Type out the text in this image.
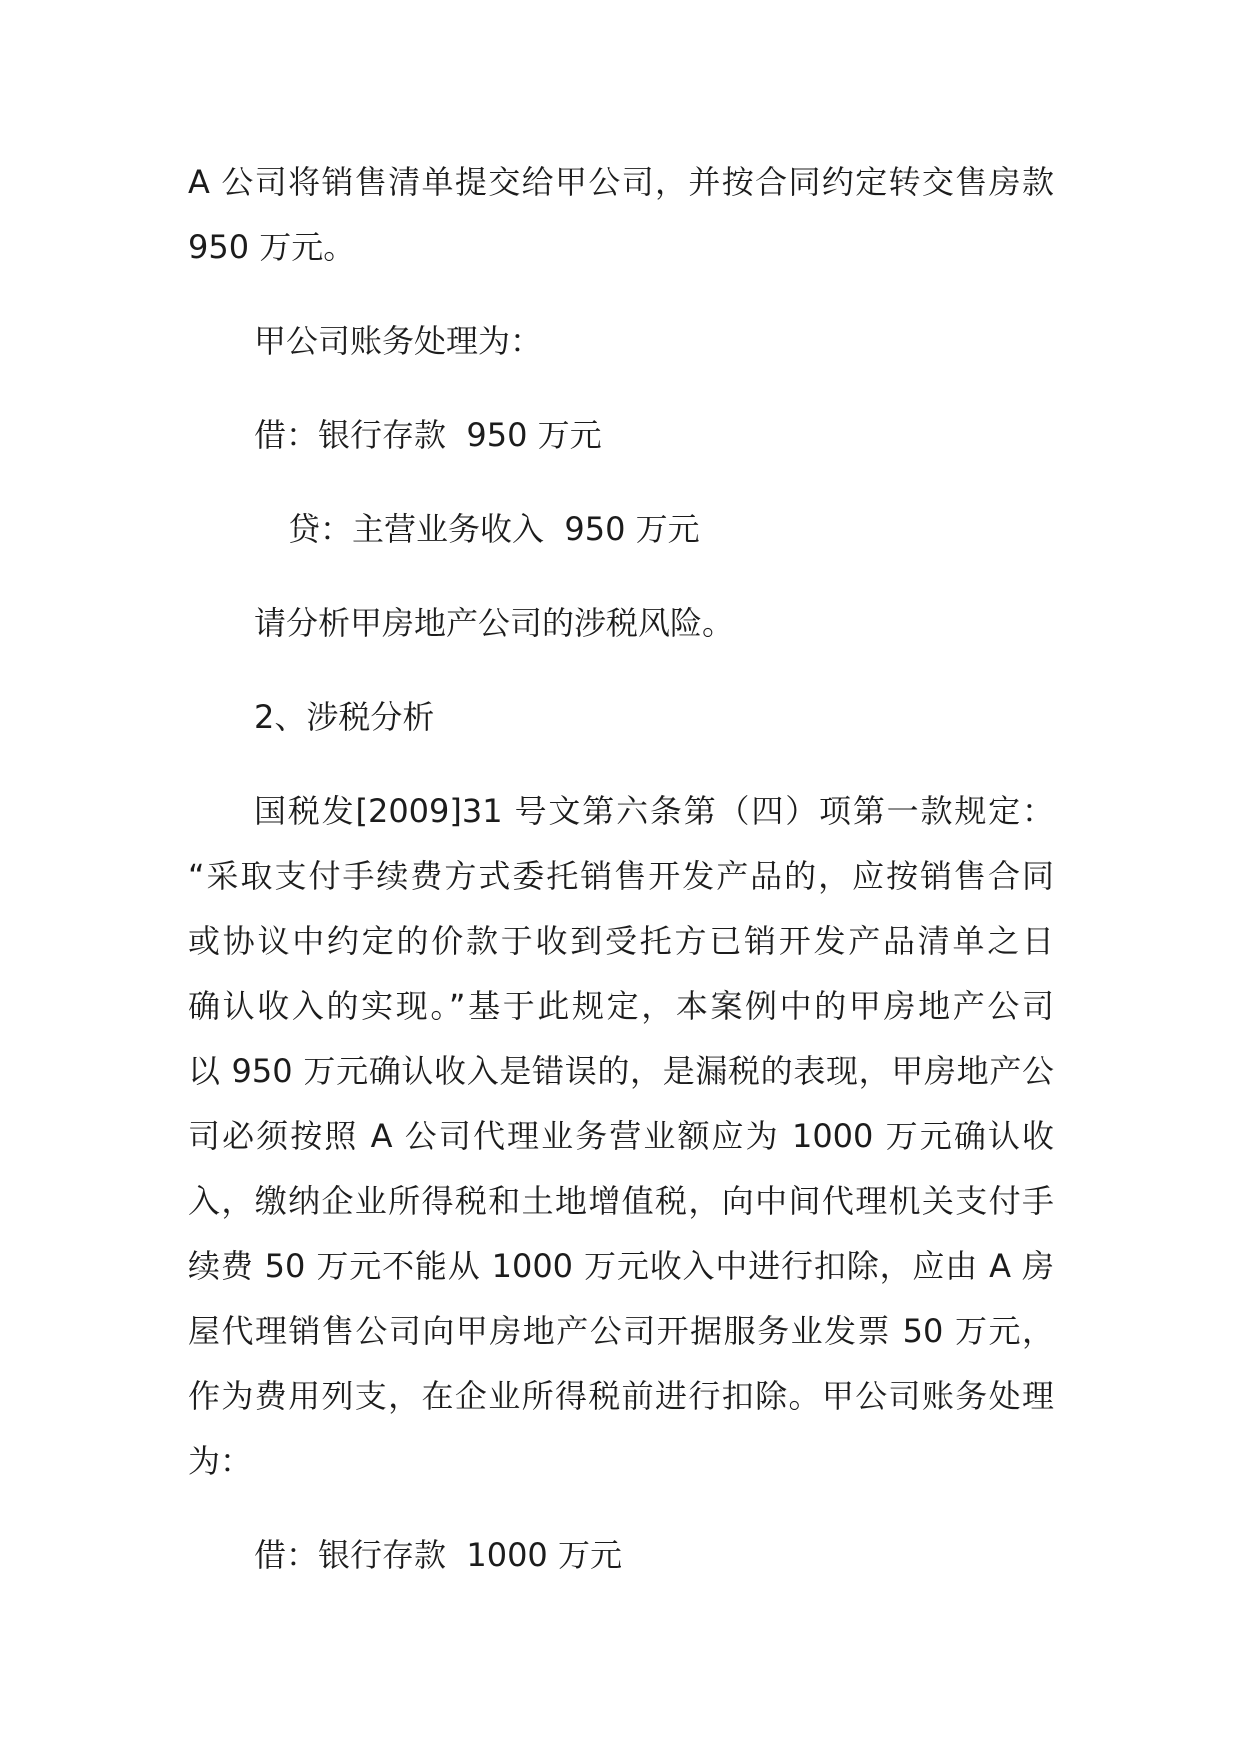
A 公司将销售清单提交给甲公司，并按合同约定转交售房款
950 万元。
甲公司账务处理为：
借：银行存款  950 万元
贷：主营业务收入  950 万元
请分析甲房地产公司的涉税风险。
2、涉税分析
国税发[2009]31 号文第六条第（四）项第一款规定：
“采取支付手续费方式委托销售开发产品的，应按销售合同
或协议中约定的价款于收到受托方已销开发产品清单之日
确认收入的实现。”基于此规定，本案例中的甲房地产公司
以 950 万元确认收入是错误的，是漏税的表现，甲房地产公
司必须按照 A 公司代理业务营业额应为 1000 万元确认收
入，缴纳企业所得税和土地增值税，向中间代理机关支付手
续费 50 万元不能从 1000 万元收入中进行扣除，应由 A 房
屋代理销售公司向甲房地产公司开据服务业发票 50 万元，
作为费用列支，在企业所得税前进行扣除。甲公司账务处理
为：
借：银行存款  1000 万元
